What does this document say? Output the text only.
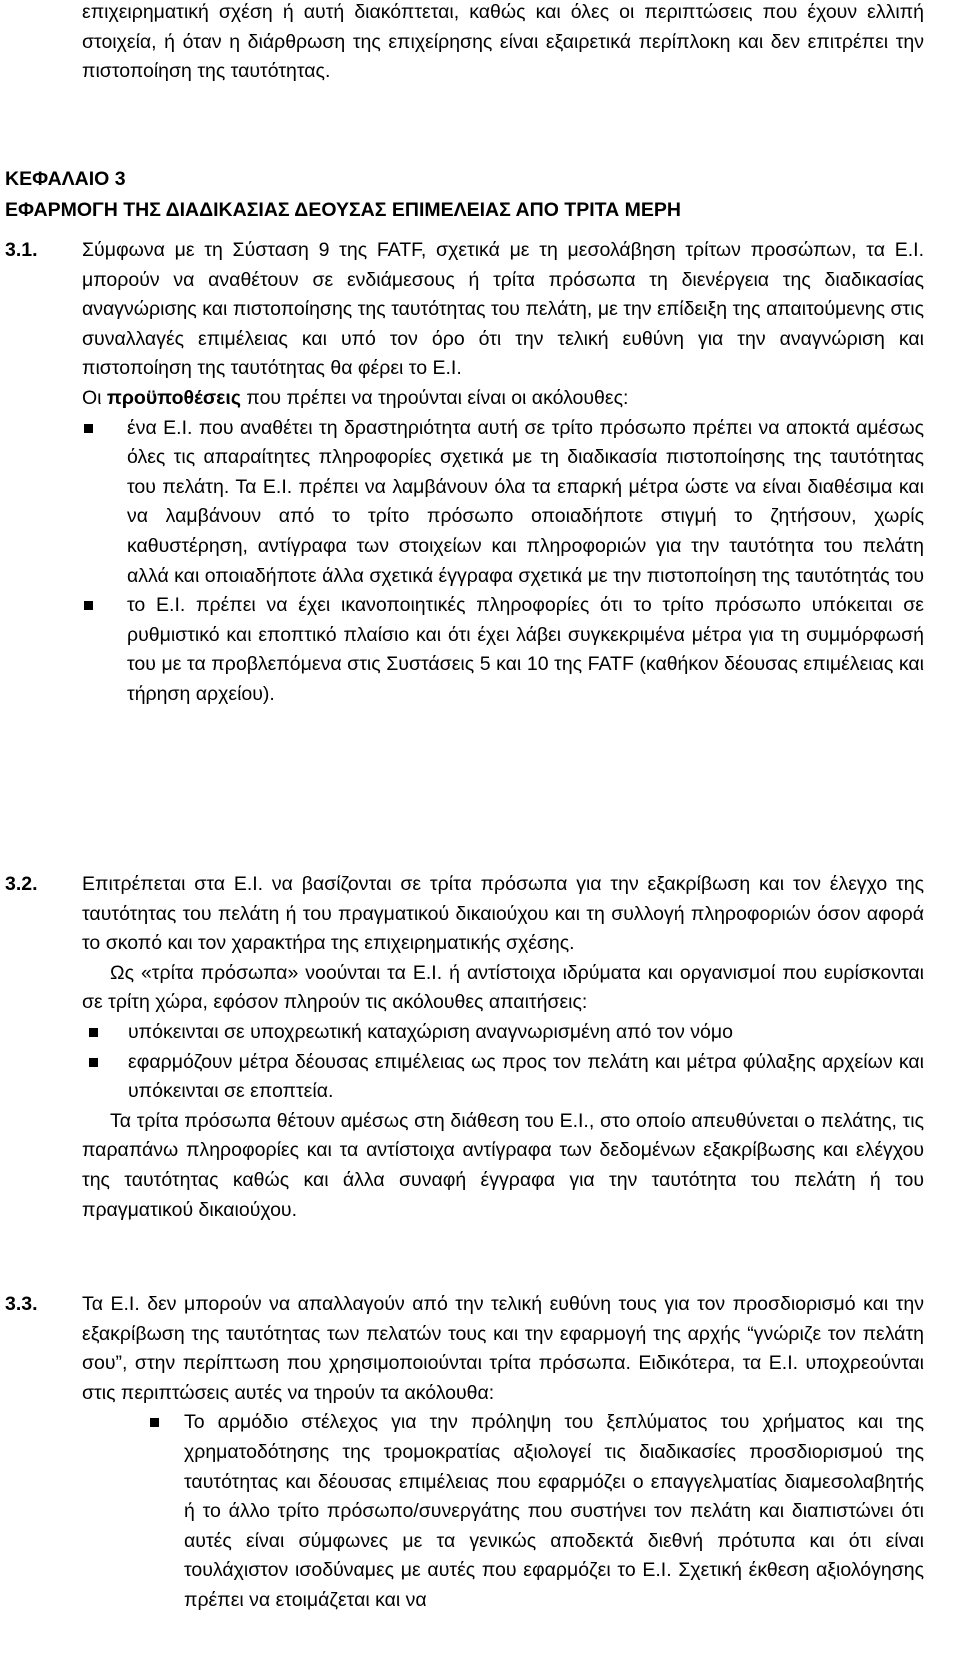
επιχειρηματική σχέση ή αυτή διακόπτεται, καθώς και όλες οι περιπτώσεις που έχουν ελλιπή στοιχεία, ή όταν η διάρθρωση της επιχείρησης είναι εξαιρετικά περίπλοκη και δεν επιτρέπει την πιστοποίηση της ταυτότητας.

ΚΕΦΑΛΑΙΟ 3
ΕΦΑΡΜΟΓΗ ΤΗΣ ΔΙΑΔΙΚΑΣΙΑΣ ΔΕΟΥΣΑΣ ΕΠΙΜΕΛΕΙΑΣ ΑΠΟ ΤΡΙΤΑ ΜΕΡΗ
3.1. Σύμφωνα με τη Σύσταση 9 της FATF, σχετικά με τη μεσολάβηση τρίτων προσώπων, τα Ε.Ι. μπορούν να αναθέτουν σε ενδιάμεσους ή τρίτα πρόσωπα τη διενέργεια της διαδικασίας αναγνώρισης και πιστοποίησης της ταυτότητας του πελάτη, με την επίδειξη της απαιτούμενης στις συναλλαγές επιμέλειας και υπό τον όρο ότι την τελική ευθύνη για την αναγνώριση και πιστοποίηση της ταυτότητας θα φέρει το Ε.Ι.

Οι προϋποθέσεις που πρέπει να τηρούνται είναι οι ακόλουθες:

ένα Ε.Ι. που αναθέτει τη δραστηριότητα αυτή σε τρίτο πρόσωπο πρέπει να αποκτά αμέσως όλες τις απαραίτητες πληροφορίες σχετικά με τη διαδικασία πιστοποίησης της ταυτότητας του πελάτη. Τα Ε.Ι. πρέπει να λαμβάνουν όλα τα επαρκή μέτρα ώστε να είναι διαθέσιμα και να λαμβάνουν από το τρίτο πρόσωπο οποιαδήποτε στιγμή το ζητήσουν, χωρίς καθυστέρηση, αντίγραφα των στοιχείων και πληροφοριών για την ταυτότητα του πελάτη αλλά και οποιαδήποτε άλλα σχετικά έγγραφα σχετικά με την πιστοποίηση της ταυτότητάς του
το Ε.Ι. πρέπει να έχει ικανοποιητικές πληροφορίες ότι το τρίτο πρόσωπο υπόκειται σε ρυθμιστικό και εποπτικό πλαίσιο και ότι έχει λάβει συγκεκριμένα μέτρα για τη συμμόρφωσή του με τα προβλεπόμενα στις Συστάσεις 5 και 10 της FATF (καθήκον δέουσας επιμέλειας και τήρηση αρχείου).
3.2. Επιτρέπεται στα Ε.Ι. να βασίζονται σε τρίτα πρόσωπα για την εξακρίβωση και τον έλεγχο της ταυτότητας του πελάτη ή του πραγματικού δικαιούχου και τη συλλογή πληροφοριών όσον αφορά το σκοπό και τον χαρακτήρα της επιχειρηματικής σχέσης.

Ως «τρίτα πρόσωπα» νοούνται τα Ε.Ι. ή αντίστοιχα ιδρύματα και οργανισμοί που ευρίσκονται σε τρίτη χώρα, εφόσον πληρούν τις ακόλουθες απαιτήσεις:

υπόκεινται σε υποχρεωτική καταχώριση αναγνωρισμένη από τον νόμο
εφαρμόζουν μέτρα δέουσας επιμέλειας ως προς τον πελάτη και μέτρα φύλαξης αρχείων και υπόκεινται σε εποπτεία.

Τα τρίτα πρόσωπα θέτουν αμέσως στη διάθεση του Ε.Ι., στο οποίο απευθύνεται ο πελάτης, τις παραπάνω πληροφορίες και τα αντίστοιχα αντίγραφα των δεδομένων εξακρίβωσης και ελέγχου της ταυτότητας καθώς και άλλα συναφή έγγραφα για την ταυτότητα του πελάτη ή του πραγματικού δικαιούχου.

3.3. Τα Ε.Ι. δεν μπορούν να απαλλαγούν από την τελική ευθύνη τους για τον προσδιορισμό και την εξακρίβωση της ταυτότητας των πελατών τους και την εφαρμογή της αρχής “γνώριζε τον πελάτη σου”, στην περίπτωση που χρησιμοποιούνται τρίτα πρόσωπα. Ειδικότερα, τα Ε.Ι. υποχρεούνται στις περιπτώσεις αυτές να τηρούν τα ακόλουθα:

Το αρμόδιο στέλεχος για την πρόληψη του ξεπλύματος του χρήματος και της χρηματοδότησης της τρομοκρατίας αξιολογεί τις διαδικασίες προσδιορισμού της ταυτότητας και δέουσας επιμέλειας που εφαρμόζει ο επαγγελματίας διαμεσολαβητής ή το άλλο τρίτο πρόσωπο/συνεργάτης που συστήνει τον πελάτη και διαπιστώνει ότι αυτές είναι σύμφωνες με τα γενικώς αποδεκτά διεθνή πρότυπα και ότι είναι τουλάχιστον ισοδύναμες με αυτές που εφαρμόζει το Ε.Ι. Σχετική έκθεση αξιολόγησης πρέπει να ετοιμάζεται και να
